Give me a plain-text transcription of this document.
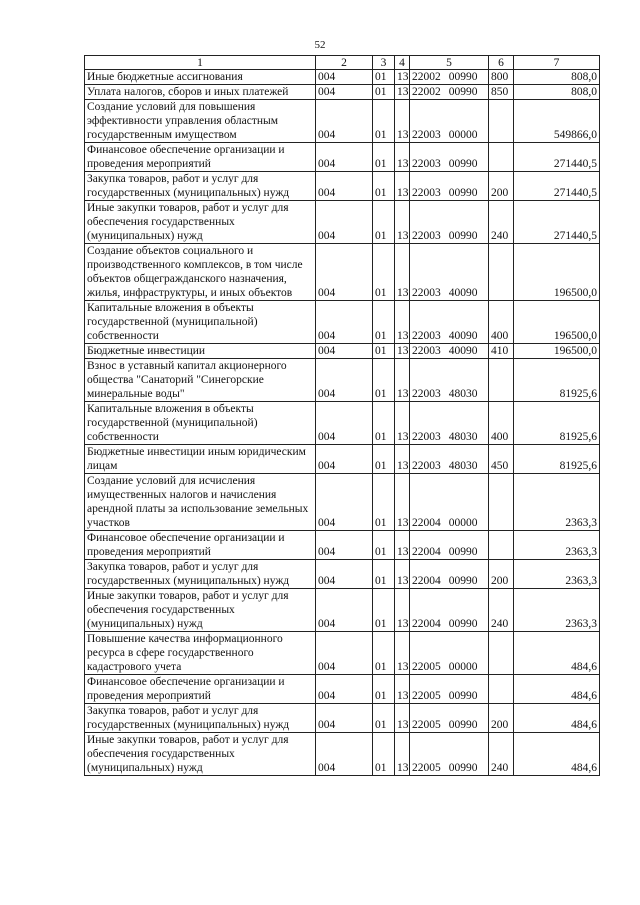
52
1	2	3	4	5	6	7
Иные бюджетные ассигнования	004	01	13	22002 00990	800	808,0
Уплата налогов, сборов и иных платежей	004	01	13	22002 00990	850	808,0
Создание условий для повышения эффективности управления областным государственным имуществом	004	01	13	22003 00000		549866,0
Финансовое обеспечение организации и проведения мероприятий	004	01	13	22003 00990		271440,5
Закупка товаров, работ и услуг для государственных (муниципальных) нужд	004	01	13	22003 00990	200	271440,5
Иные закупки товаров, работ и услуг для обеспечения государственных (муниципальных) нужд	004	01	13	22003 00990	240	271440,5
Создание объектов социального и производственного комплексов, в том числе объектов общегражданского назначения, жилья, инфраструктуры, и иных объектов	004	01	13	22003 40090		196500,0
Капитальные вложения в объекты государственной (муниципальной) собственности	004	01	13	22003 40090	400	196500,0
Бюджетные инвестиции	004	01	13	22003 40090	410	196500,0
Взнос в уставный капитал акционерного общества "Санаторий "Синегорские минеральные воды"	004	01	13	22003 48030		81925,6
Капитальные вложения в объекты государственной (муниципальной) собственности	004	01	13	22003 48030	400	81925,6
Бюджетные инвестиции иным юридическим лицам	004	01	13	22003 48030	450	81925,6
Создание условий для исчисления имущественных налогов и начисления арендной платы за использование земельных участков	004	01	13	22004 00000		2363,3
Финансовое обеспечение организации и проведения мероприятий	004	01	13	22004 00990		2363,3
Закупка товаров, работ и услуг для государственных (муниципальных) нужд	004	01	13	22004 00990	200	2363,3
Иные закупки товаров, работ и услуг для обеспечения государственных (муниципальных) нужд	004	01	13	22004 00990	240	2363,3
Повышение качества информационного ресурса в сфере государственного кадастрового учета	004	01	13	22005 00000		484,6
Финансовое обеспечение организации и проведения мероприятий	004	01	13	22005 00990		484,6
Закупка товаров, работ и услуг для государственных (муниципальных) нужд	004	01	13	22005 00990	200	484,6
Иные закупки товаров, работ и услуг для обеспечения государственных (муниципальных) нужд	004	01	13	22005 00990	240	484,6
